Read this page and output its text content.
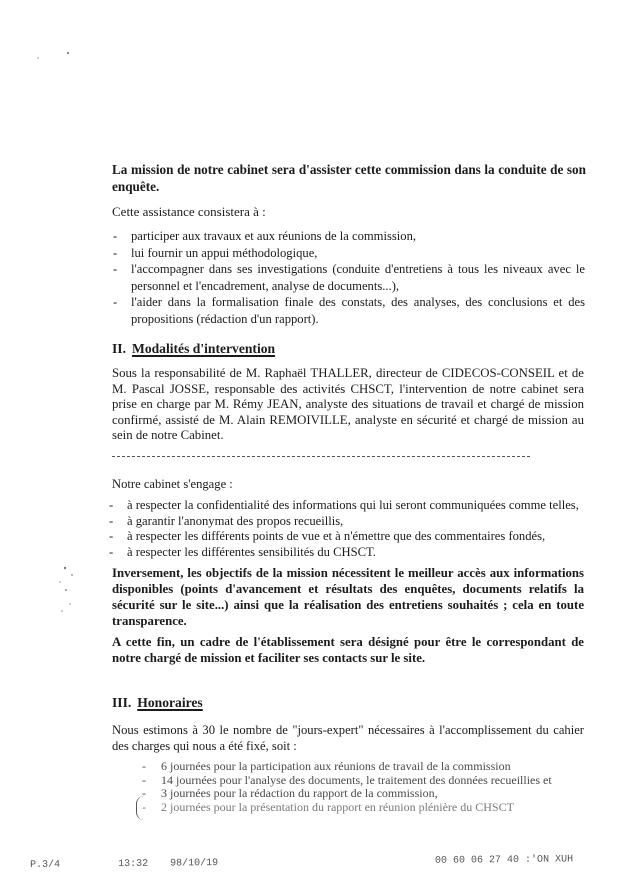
La mission de notre cabinet sera d'assister cette commission dans la conduite de son enquête.

Cette assistance consistera à :

- participer aux travaux et aux réunions de la commission,
- lui fournir un appui méthodologique,
- l'accompagner dans ses investigations (conduite d'entretiens à tous les niveaux avec le personnel et l'encadrement, analyse de documents...),
- l'aider dans la formalisation finale des constats, des analyses, des conclusions et des propositions (rédaction d'un rapport).
II. Modalités d'intervention

Sous la responsabilité de M. Raphaël THALLER, directeur de CIDECOS-CONSEIL et de M. Pascal JOSSE, responsable des activités CHSCT, l'intervention de notre cabinet sera prise en charge par M. Rémy JEAN, analyste des situations de travail et chargé de mission confirmé, assisté de M. Alain REMOIVILLE, analyste en sécurité et chargé de mission au sein de notre Cabinet.

Notre cabinet s'engage :

- à respecter la confidentialité des informations qui lui seront communiquées comme telles,
- à garantir l'anonymat des propos recueillis,
- à respecter les différents points de vue et à n'émettre que des commentaires fondés,
- à respecter les différentes sensibilités du CHSCT.

Inversement, les objectifs de la mission nécessitent le meilleur accès aux informations disponibles (points d'avancement et résultats des enquêtes, documents relatifs la sécurité sur le site...) ainsi que la réalisation des entretiens souhaités ; cela en toute transparence.

A cette fin, un cadre de l'établissement sera désigné pour être le correspondant de notre chargé de mission et faciliter ses contacts sur le site.

III. Honoraires

Nous estimons à 30 le nombre de "jours-expert" nécessaires à l'accomplissement du cahier des charges qui nous a été fixé, soit :

- 6 journées pour la participation aux réunions de travail de la commission
- 14 journées pour l'analyse des documents, le traitement des données recueillies et
- 3 journées pour la rédaction du rapport de la commission,
- 2 journées pour la présentation du rapport en réunion plénière du CHSCT
P.3/4	13:32 98/10/19	00 60 06 27 40 :'ON XUH
